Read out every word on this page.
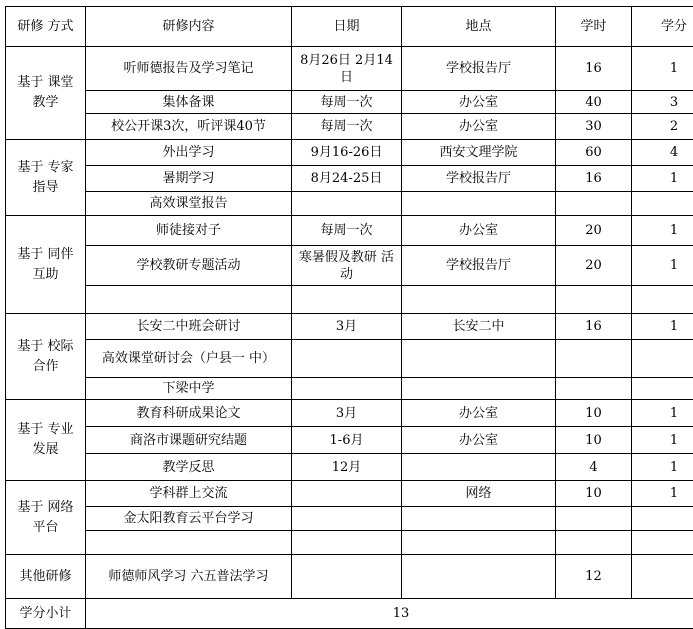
研修 方式	研修内容	日期	地点	学时	学分
基于 课堂 教学	听师德报告及学习笔记	8月26日 2月14日	学校报告厅	16	1
	集体备课	每周一次	办公室	40	3
	校公开课3次，听评课40节	每周一次	办公室	30	2
基于 专家 指导	外出学习	9月16-26日	西安文理学院	60	4
	暑期学习	8月24-25日	学校报告厅	16	1
	高效课堂报告				
基于 同伴 互助	师徒接对子	每周一次	办公室	20	1
	学校教研专题活动	寒暑假及教研 活动	学校报告厅	20	1

基于 校际 合作	长安二中班会研讨	3月	长安二中	16	1
	高效课堂研讨会（户县一 中）				
	下梁中学				
基于 专业 发展	教育科研成果论文	3月	办公室	10	1
	商洛市课题研究结题	1-6月	办公室	10	1
	教学反思	12月		4	1
基于 网络 平台	学科群上交流		网络	10	1
	金太阳教育云平台学习				

其他研修	师德师风学习 六五普法学习			12	
学分小计	13				
